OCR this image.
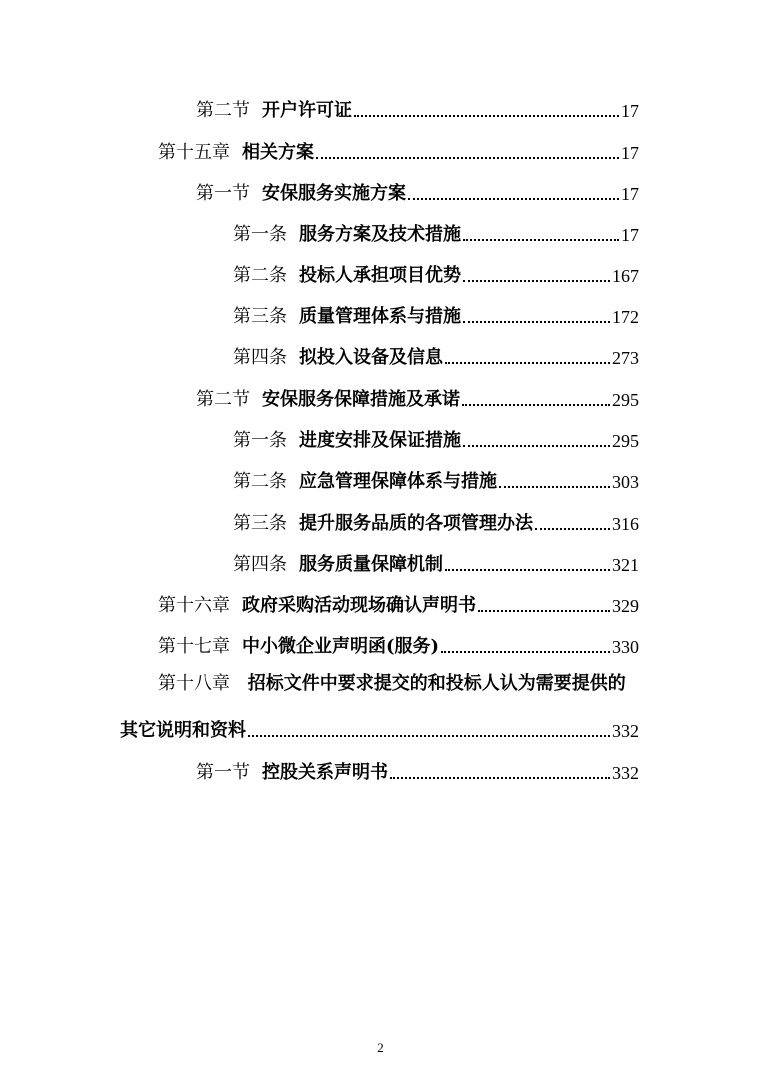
第二节 开户许可证	17
第十五章 相关方案	17
第一节 安保服务实施方案	17
第一条 服务方案及技术措施	17
第二条 投标人承担项目优势	167
第三条 质量管理体系与措施	172
第四条 拟投入设备及信息	273
第二节 安保服务保障措施及承诺	295
第一条 进度安排及保证措施	295
第二条 应急管理保障体系与措施	303
第三条 提升服务品质的各项管理办法	316
第四条 服务质量保障机制	321
第十六章 政府采购活动现场确认声明书	329
第十七章 中小微企业声明函(服务)	330
第十八章 招标文件中要求提交的和投标人认为需要提供的
其它说明和资料	332
第一节 控股关系声明书	332
2
